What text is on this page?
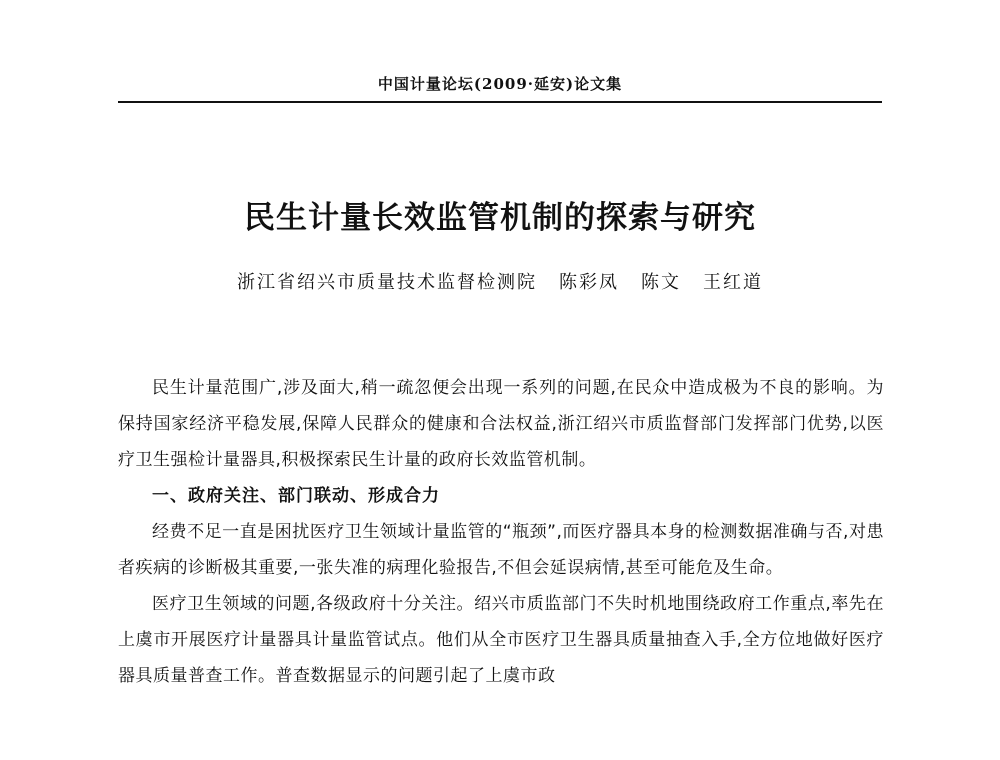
中国计量论坛(2009·延安)论文集
民生计量长效监管机制的探索与研究
浙江省绍兴市质量技术监督检测院 陈彩凤 陈文 王红道

民生计量范围广,涉及面大,稍一疏忽便会出现一系列的问题,在民众中造成极为不良的影响。为保持国家经济平稳发展,保障人民群众的健康和合法权益,浙江绍兴市质监督部门发挥部门优势,以医疗卫生强检计量器具,积极探索民生计量的政府长效监管机制。

一、政府关注、部门联动、形成合力

经费不足一直是困扰医疗卫生领域计量监管的“瓶颈”,而医疗器具本身的检测数据准确与否,对患者疾病的诊断极其重要,一张失准的病理化验报告,不但会延误病情,甚至可能危及生命。

医疗卫生领域的问题,各级政府十分关注。绍兴市质监部门不失时机地围绕政府工作重点,率先在上虞市开展医疗计量器具计量监管试点。他们从全市医疗卫生器具质量抽查入手,全方位地做好医疗器具质量普查工作。普查数据显示的问题引起了上虞市政
